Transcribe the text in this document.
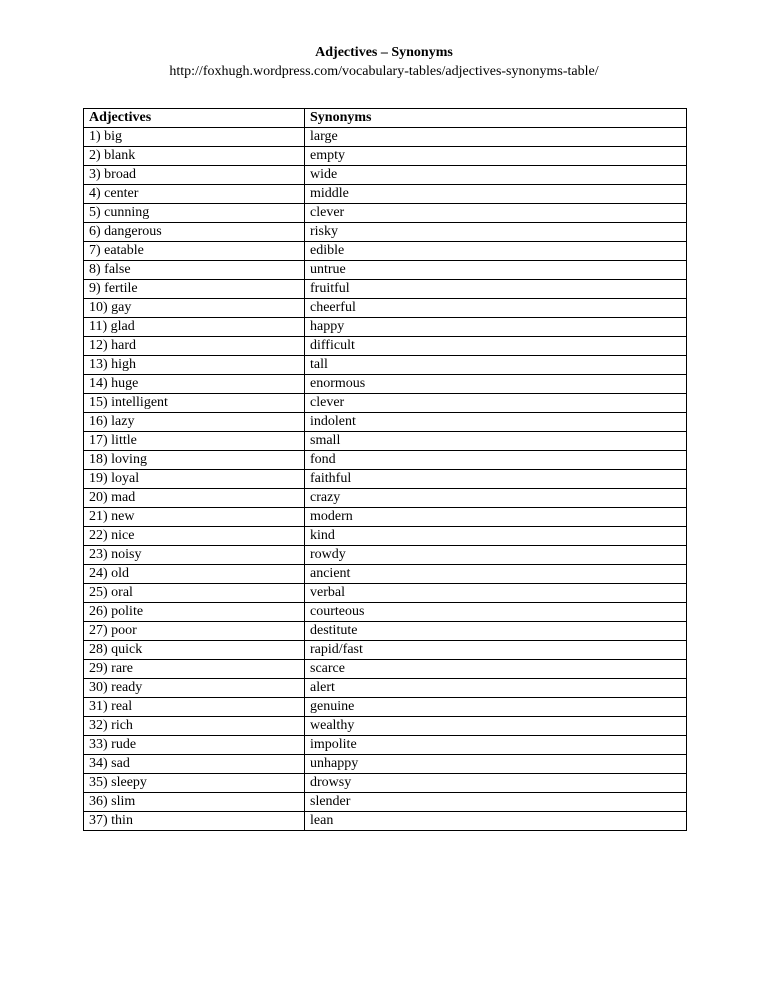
Adjectives – Synonyms
http://foxhugh.wordpress.com/vocabulary-tables/adjectives-synonyms-table/
Adjectives	Synonyms
1) big	large
2) blank	empty
3) broad	wide
4) center	middle
5) cunning	clever
6) dangerous	risky
7) eatable	edible
8) false	untrue
9) fertile	fruitful
10) gay	cheerful
11) glad	happy
12) hard	difficult
13) high	tall
14) huge	enormous
15) intelligent	clever
16) lazy	indolent
17) little	small
18) loving	fond
19) loyal	faithful
20) mad	crazy
21) new	modern
22) nice	kind
23) noisy	rowdy
24) old	ancient
25) oral	verbal
26) polite	courteous
27) poor	destitute
28) quick	rapid/fast
29) rare	scarce
30) ready	alert
31) real	genuine
32) rich	wealthy
33) rude	impolite
34) sad	unhappy
35) sleepy	drowsy
36) slim	slender
37) thin	lean
